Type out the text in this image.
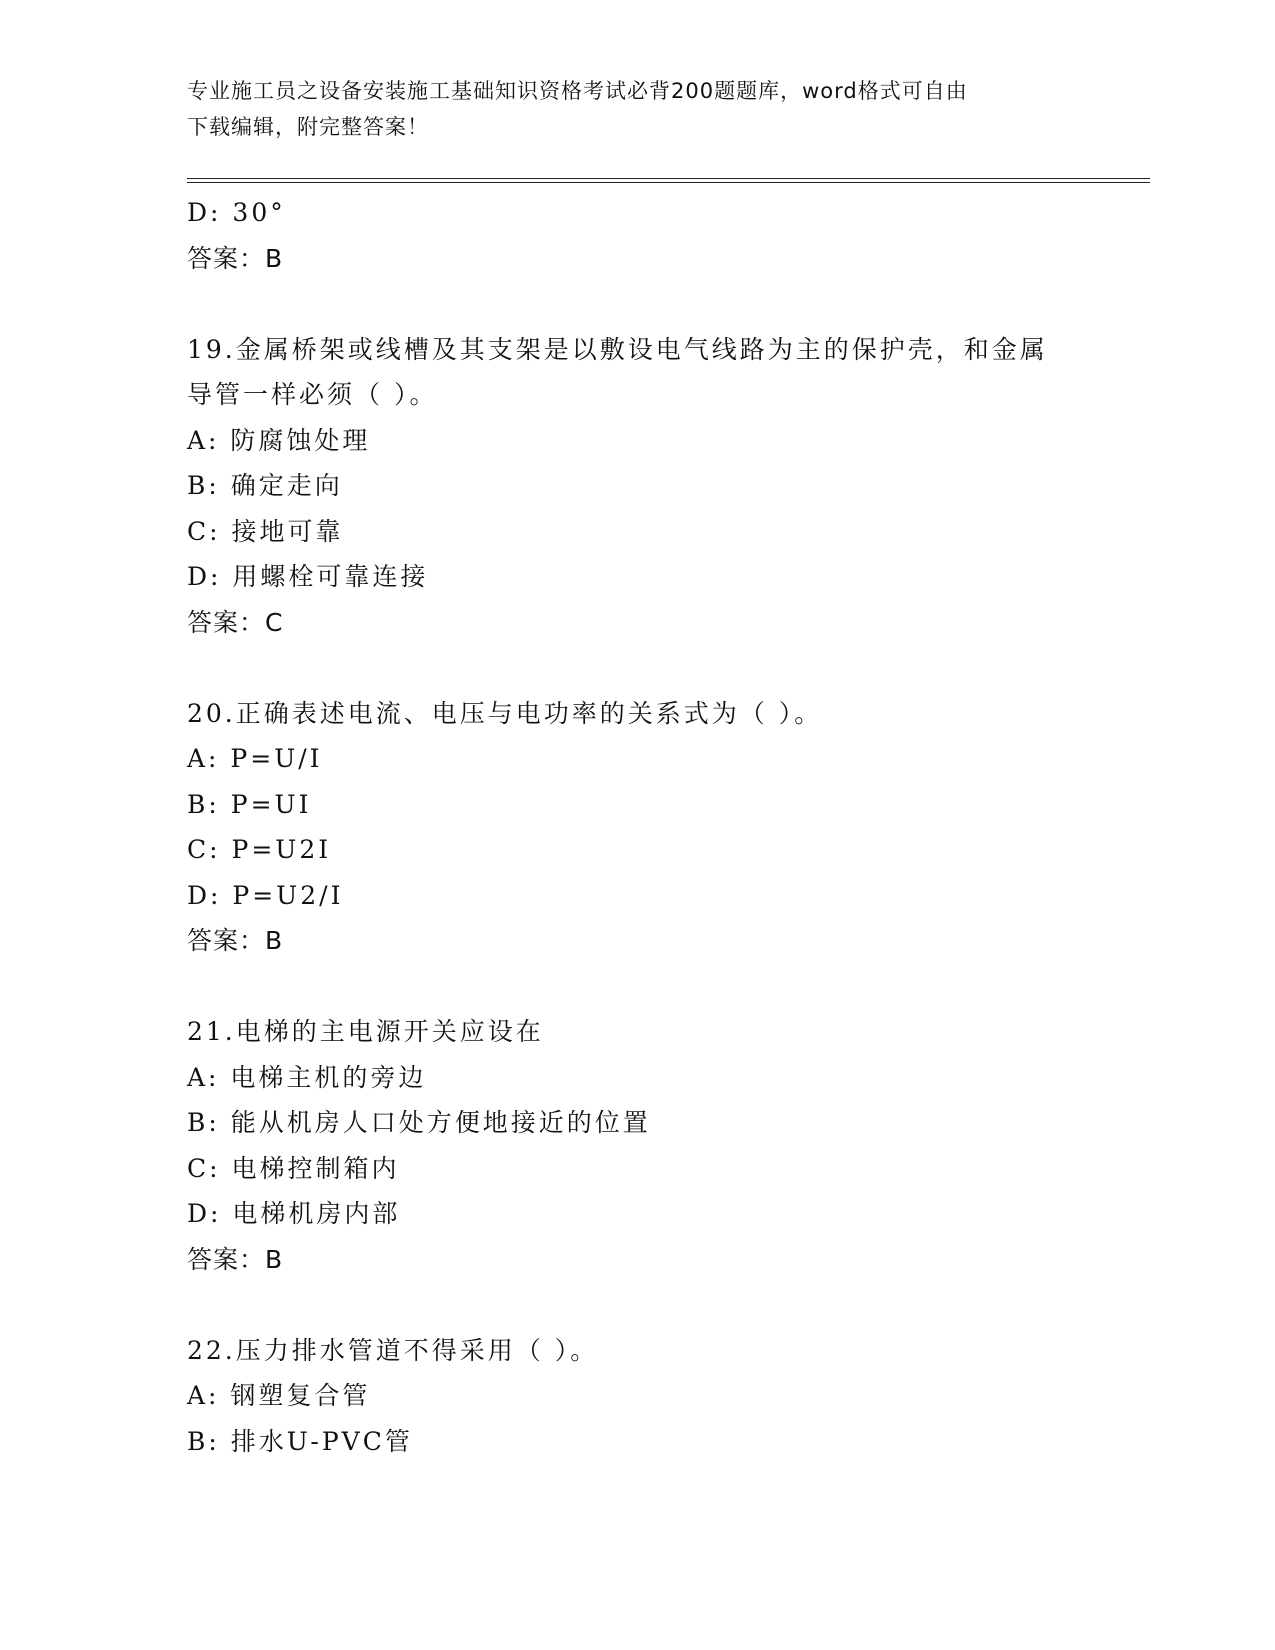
专业施工员之设备安装施工基础知识资格考试必背200题题库，word格式可自由
下载编辑，附完整答案！
D: 30°
答案：B
19.金属桥架或线槽及其支架是以敷设电气线路为主的保护壳，和金属
导管一样必须（ ）。
A: 防腐蚀处理
B: 确定走向
C: 接地可靠
D: 用螺栓可靠连接
答案：C
20.正确表述电流、电压与电功率的关系式为（ ）。
A: P=U/I
B: P=UI
C: P=U2I
D: P=U2/I
答案：B
21.电梯的主电源开关应设在
A: 电梯主机的旁边
B: 能从机房人口处方便地接近的位置
C: 电梯控制箱内
D: 电梯机房内部
答案：B
22.压力排水管道不得采用（ ）。
A: 钢塑复合管
B: 排水U-PVC管
